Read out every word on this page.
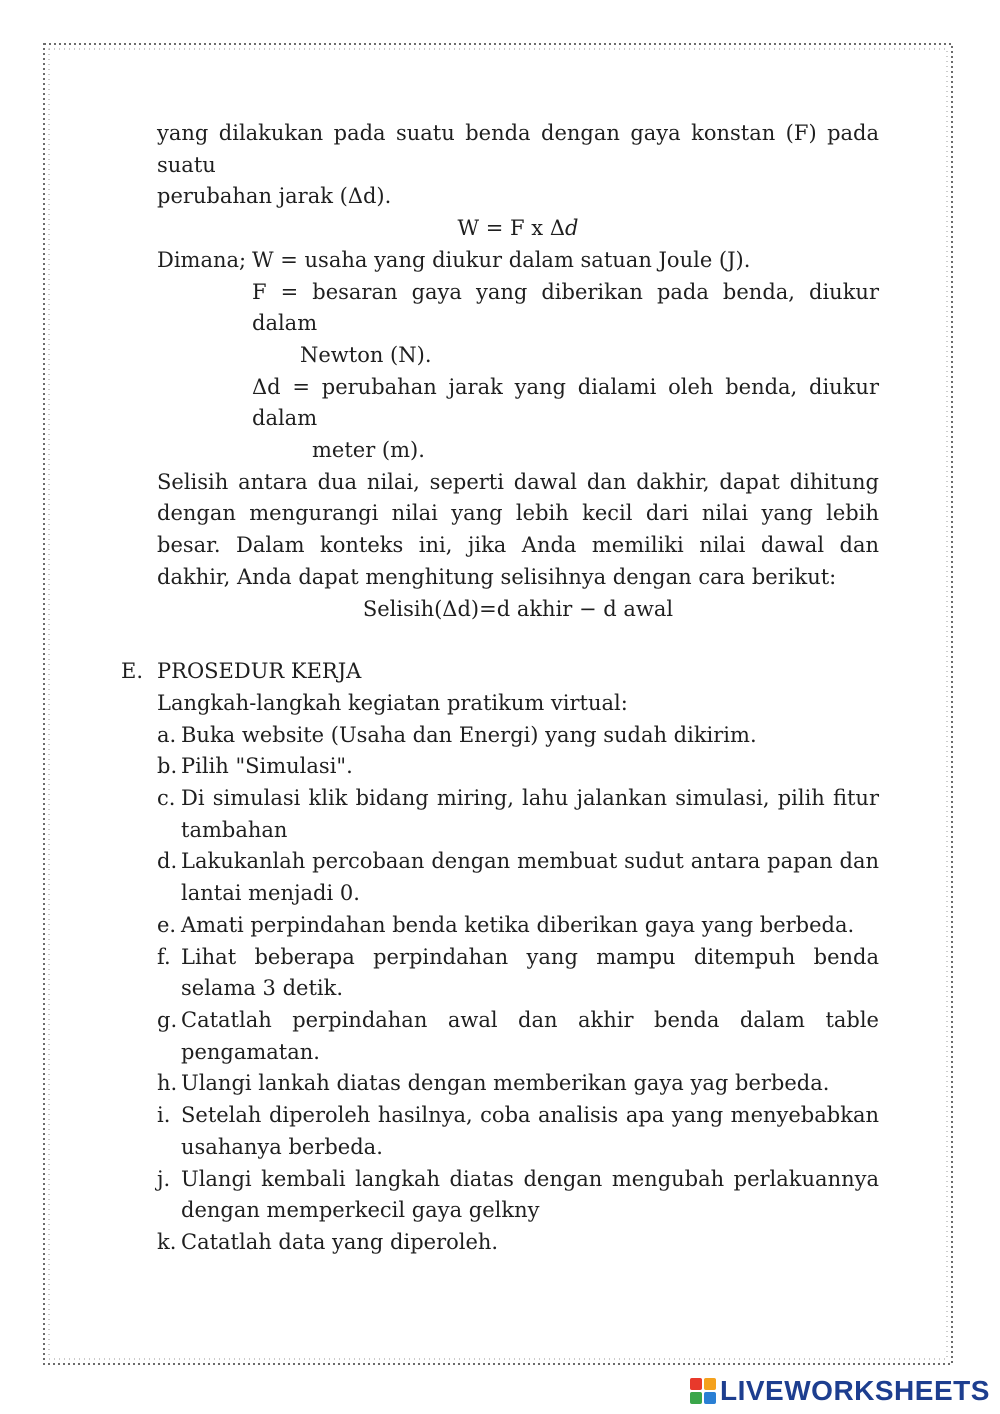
yang dilakukan pada suatu benda dengan gaya konstan (F) pada suatu
perubahan jarak (Δd).

W = F x Δd

Dimana; W = usaha yang diukur dalam satuan Joule (J).
F = besaran gaya yang diberikan pada benda, diukur dalam
Newton (N).
Δd = perubahan jarak yang dialami oleh benda, diukur dalam
meter (m).

Selisih antara dua nilai, seperti dawal dan dakhir, dapat dihitung dengan mengurangi nilai yang lebih kecil dari nilai yang lebih besar. Dalam konteks ini, jika Anda memiliki nilai dawal dan dakhir, Anda dapat menghitung selisihnya dengan cara berikut:

Selisih(Δd)=d akhir − d awal

E. PROSEDUR KERJA

Langkah-langkah kegiatan pratikum virtual:

a. Buka website (Usaha dan Energi) yang sudah dikirim.
b. Pilih "Simulasi".
c. Di simulasi klik bidang miring, lahu jalankan simulasi, pilih fitur tambahan
d. Lakukanlah percobaan dengan membuat sudut antara papan dan lantai menjadi 0.
e. Amati perpindahan benda ketika diberikan gaya yang berbeda.
f. Lihat beberapa perpindahan yang mampu ditempuh benda selama 3 detik.
g. Catatlah perpindahan awal dan akhir benda dalam table pengamatan.
h. Ulangi lankah diatas dengan memberikan gaya yag berbeda.
i. Setelah diperoleh hasilnya, coba analisis apa yang menyebabkan usahanya berbeda.
j. Ulangi kembali langkah diatas dengan mengubah perlakuannya dengan memperkecil gaya gelkny
k. Catatlah data yang diperoleh.
LIVEWORKSHEETS
